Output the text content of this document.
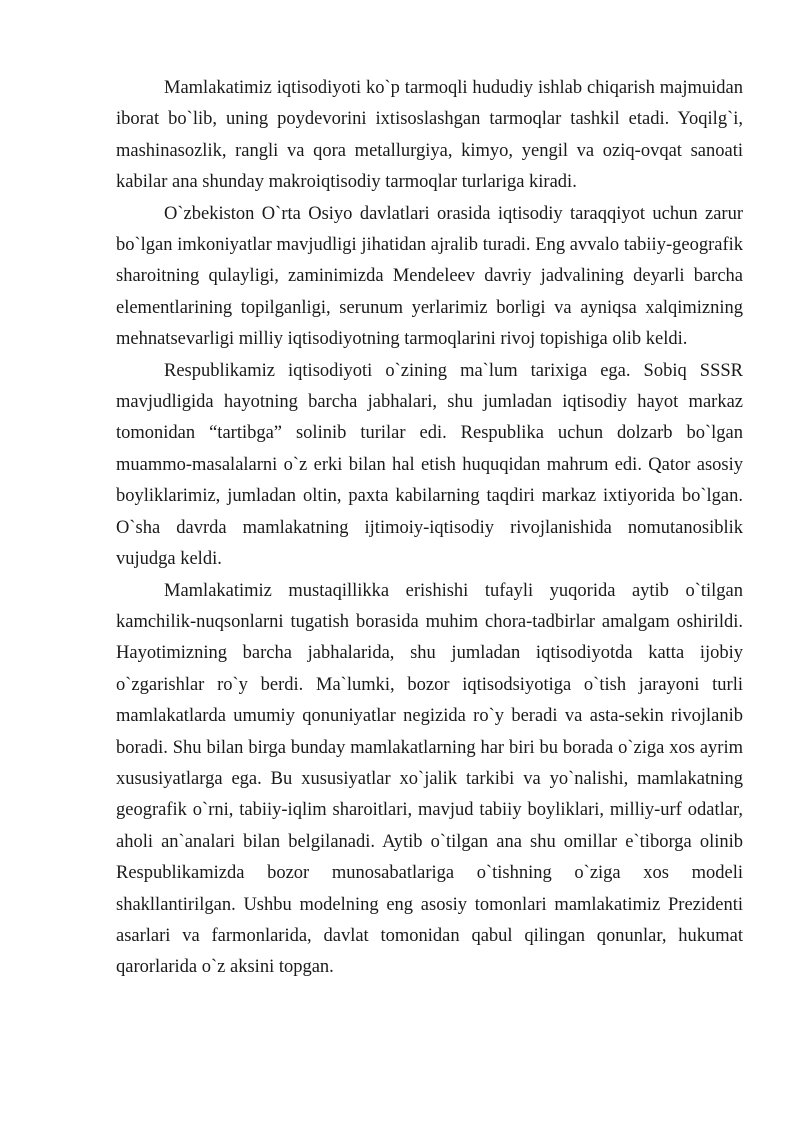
Mamlakatimiz iqtisodiyoti ko`p tarmoqli hududiy ishlab chiqarish majmuidan iborat bo`lib, uning poydevorini ixtisoslashgan tarmoqlar tashkil etadi. Yoqilg`i, mashinasozlik, rangli va qora metallurgiya, kimyo, yengil va oziq-ovqat sanoati kabilar ana shunday makroiqtisodiy tarmoqlar turlariga kiradi.

O`zbekiston O`rta Osiyo davlatlari orasida iqtisodiy taraqqiyot uchun zarur bo`lgan imkoniyatlar mavjudligi jihatidan ajralib turadi. Eng avvalo tabiiy-geografik sharoitning qulayligi, zaminimizda Mendeleev davriy jadvalining deyarli barcha elementlarining topilganligi, serunum yerlarimiz borligi va ayniqsa xalqimizning mehnatsevarligi milliy iqtisodiyotning tarmoqlarini rivoj topishiga olib keldi.

Respublikamiz iqtisodiyoti o`zining ma`lum tarixiga ega. Sobiq SSSR mavjudligida hayotning barcha jabhalari, shu jumladan iqtisodiy hayot markaz tomonidan “tartibga” solinib turilar edi. Respublika uchun dolzarb bo`lgan muammo-masalalarni o`z erki bilan hal etish huquqidan mahrum edi. Qator asosiy boyliklarimiz, jumladan oltin, paxta kabilarning taqdiri markaz ixtiyorida bo`lgan. O`sha davrda mamlakatning ijtimoiy-iqtisodiy rivojlanishida nomutanosiblik vujudga keldi.

Mamlakatimiz mustaqillikka erishishi tufayli yuqorida aytib o`tilgan kamchilik-nuqsonlarni tugatish borasida muhim chora-tadbirlar amalgam oshirildi. Hayotimizning barcha jabhalarida, shu jumladan iqtisodiyotda katta ijobiy o`zgarishlar ro`y berdi. Ma`lumki, bozor iqtisodsiyotiga o`tish jarayoni turli mamlakatlarda umumiy qonuniyatlar negizida ro`y beradi va asta-sekin rivojlanib boradi. Shu bilan birga bunday mamlakatlarning har biri bu borada o`ziga xos ayrim xususiyatlarga ega. Bu xususiyatlar xo`jalik tarkibi va yo`nalishi, mamlakatning geografik o`rni, tabiiy-iqlim sharoitlari, mavjud tabiiy boyliklari, milliy-urf odatlar, aholi an`analari bilan belgilanadi. Aytib o`tilgan ana shu omillar e`tiborga olinib Respublikamizda bozor munosabatlariga o`tishning o`ziga xos modeli shakllantirilgan. Ushbu modelning eng asosiy tomonlari mamlakatimiz Prezidenti asarlari va farmonlarida, davlat tomonidan qabul qilingan qonunlar, hukumat qarorlarida o`z aksini topgan.
